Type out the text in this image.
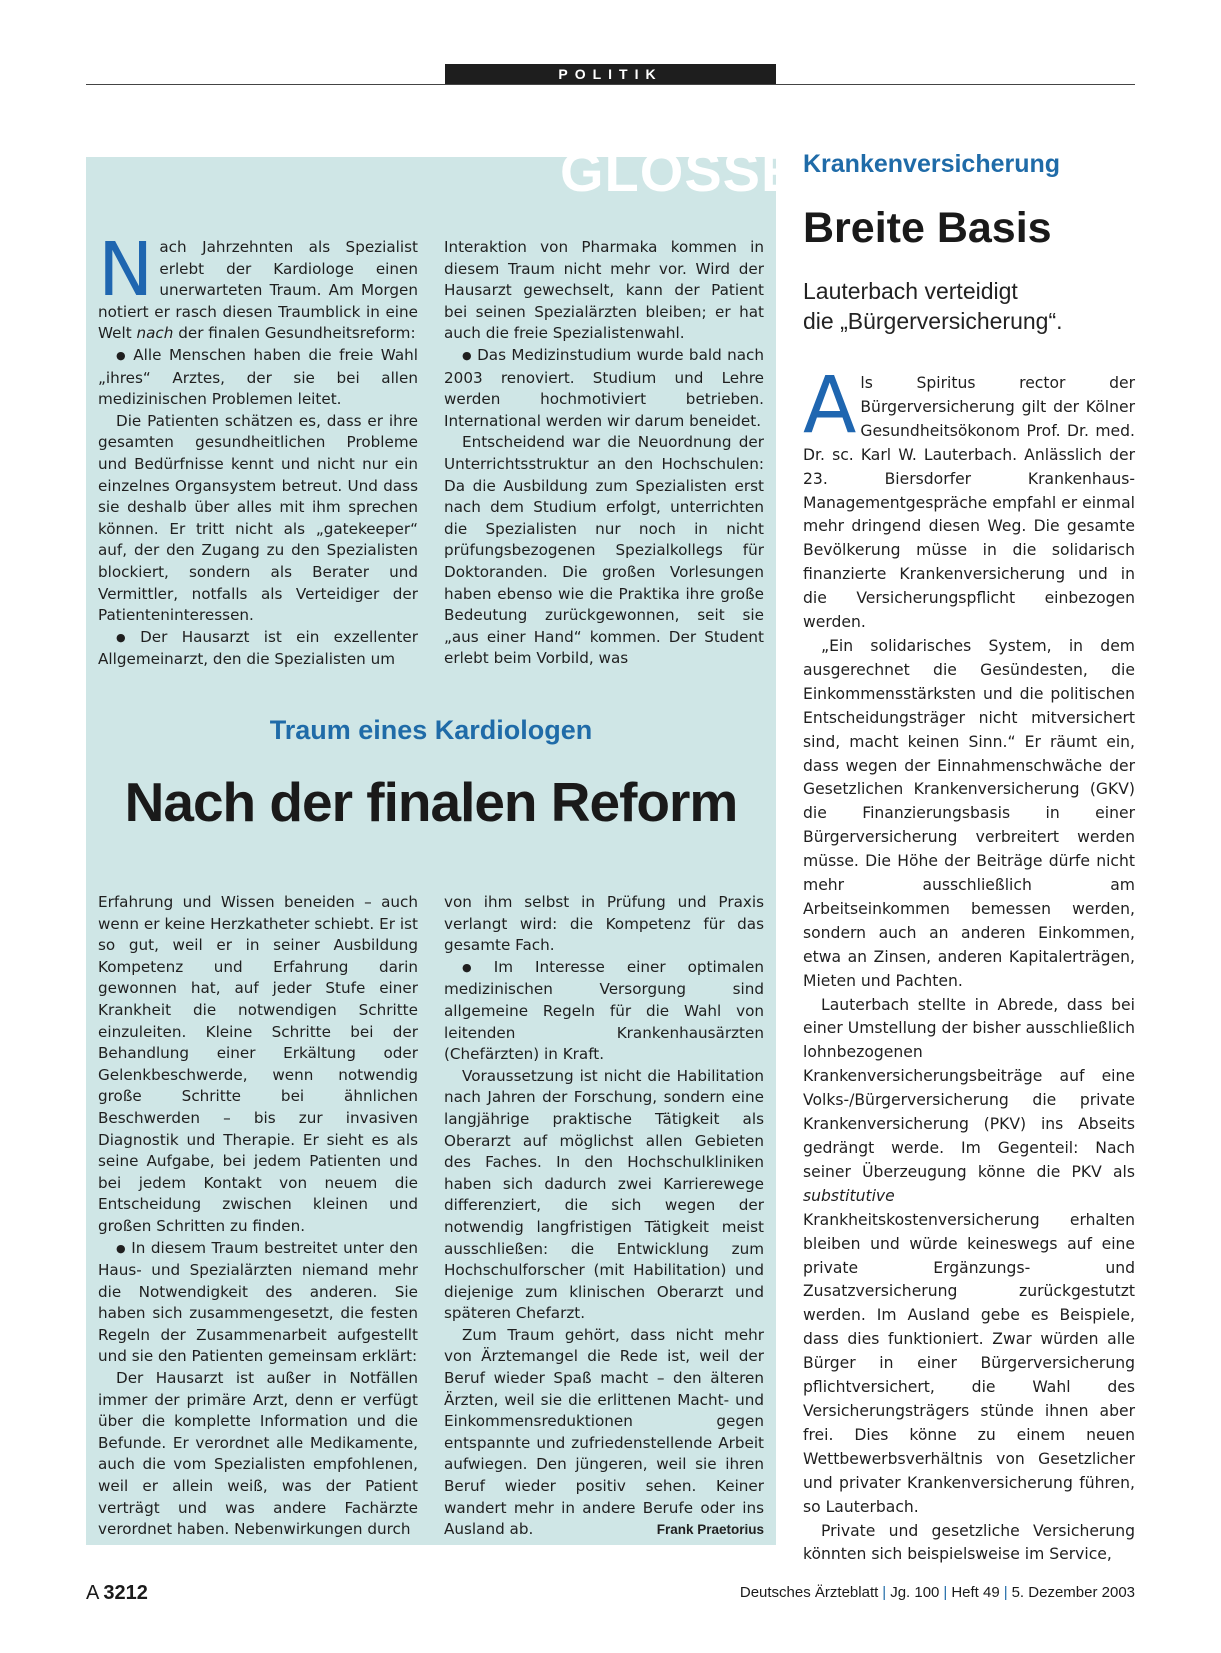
POLITIK
GLOSSE

Nach Jahrzehnten als Spezialist erlebt der Kardiologe einen unerwarteten Traum. Am Morgen notiert er rasch diesen Traumblick in eine Welt nach der finalen Gesundheitsreform:

● Alle Menschen haben die freie Wahl „ihres“ Arztes, der sie bei allen medizinischen Problemen leitet.

Die Patienten schätzen es, dass er ihre gesamten gesundheitlichen Probleme und Bedürfnisse kennt und nicht nur ein einzelnes Organsystem betreut. Und dass sie deshalb über alles mit ihm sprechen können. Er tritt nicht als „gatekeeper“ auf, der den Zugang zu den Spezialisten blockiert, sondern als Berater und Vermittler, notfalls als Verteidiger der Patienteninteressen.

● Der Hausarzt ist ein exzellenter Allgemeinarzt, den die Spezialisten um

Interaktion von Pharmaka kommen in diesem Traum nicht mehr vor. Wird der Hausarzt gewechselt, kann der Patient bei seinen Spezialärzten bleiben; er hat auch die freie Spezialistenwahl.

● Das Medizinstudium wurde bald nach 2003 renoviert. Studium und Lehre werden hochmotiviert betrieben. International werden wir darum beneidet.

Entscheidend war die Neuordnung der Unterrichtsstruktur an den Hochschulen: Da die Ausbildung zum Spezialisten erst nach dem Studium erfolgt, unterrichten die Spezialisten nur noch in nicht prüfungsbezogenen Spezialkollegs für Doktoranden. Die großen Vorlesungen haben ebenso wie die Praktika ihre große Bedeutung zurückgewonnen, seit sie „aus einer Hand“ kommen. Der Student erlebt beim Vorbild, was

Traum eines Kardiologen
Nach der finalen Reform

Erfahrung und Wissen beneiden – auch wenn er keine Herzkatheter schiebt. Er ist so gut, weil er in seiner Ausbildung Kompetenz und Erfahrung darin gewonnen hat, auf jeder Stufe einer Krankheit die notwendigen Schritte einzuleiten. Kleine Schritte bei der Behandlung einer Erkältung oder Gelenkbeschwerde, wenn notwendig große Schritte bei ähnlichen Beschwerden – bis zur invasiven Diagnostik und Therapie. Er sieht es als seine Aufgabe, bei jedem Patienten und bei jedem Kontakt von neuem die Entscheidung zwischen kleinen und großen Schritten zu finden.

● In diesem Traum bestreitet unter den Haus- und Spezialärzten niemand mehr die Notwendigkeit des anderen. Sie haben sich zusammengesetzt, die festen Regeln der Zusammenarbeit aufgestellt und sie den Patienten gemeinsam erklärt:

Der Hausarzt ist außer in Notfällen immer der primäre Arzt, denn er verfügt über die komplette Information und die Befunde. Er verordnet alle Medikamente, auch die vom Spezialisten empfohlenen, weil er allein weiß, was der Patient verträgt und was andere Fachärzte verordnet haben. Nebenwirkungen durch

von ihm selbst in Prüfung und Praxis verlangt wird: die Kompetenz für das gesamte Fach.

● Im Interesse einer optimalen medizinischen Versorgung sind allgemeine Regeln für die Wahl von leitenden Krankenhausärzten (Chefärzten) in Kraft.

Voraussetzung ist nicht die Habilitation nach Jahren der Forschung, sondern eine langjährige praktische Tätigkeit als Oberarzt auf möglichst allen Gebieten des Faches. In den Hochschulkliniken haben sich dadurch zwei Karrierewege differenziert, die sich wegen der notwendig langfristigen Tätigkeit meist ausschließen: die Entwicklung zum Hochschulforscher (mit Habilitation) und diejenige zum klinischen Oberarzt und späteren Chefarzt.

Zum Traum gehört, dass nicht mehr von Ärztemangel die Rede ist, weil der Beruf wieder Spaß macht – den älteren Ärzten, weil sie die erlittenen Macht- und Einkommensreduktionen gegen entspannte und zufriedenstellende Arbeit aufwiegen. Den jüngeren, weil sie ihren Beruf wieder positiv sehen. Keiner wandert mehr in andere Berufe oder ins Ausland ab.	Frank Praetorius

Krankenversicherung
Breite Basis
Lauterbach verteidigt
die „Bürgerversicherung“.

Als Spiritus rector der Bürgerversicherung gilt der Kölner Gesundheitsökonom Prof. Dr. med. Dr. sc. Karl W. Lauterbach. Anlässlich der 23. Biersdorfer Krankenhaus-Managementgespräche empfahl er einmal mehr dringend diesen Weg. Die gesamte Bevölkerung müsse in die solidarisch finanzierte Krankenversicherung und in die Versicherungspflicht einbezogen werden.

„Ein solidarisches System, in dem ausgerechnet die Gesündesten, die Einkommensstärksten und die politischen Entscheidungsträger nicht mitversichert sind, macht keinen Sinn.“ Er räumt ein, dass wegen der Einnahmenschwäche der Gesetzlichen Krankenversicherung (GKV) die Finanzierungsbasis in einer Bürgerversicherung verbreitert werden müsse. Die Höhe der Beiträge dürfe nicht mehr ausschließlich am Arbeitseinkommen bemessen werden, sondern auch an anderen Einkommen, etwa an Zinsen, anderen Kapitalerträgen, Mieten und Pachten.

Lauterbach stellte in Abrede, dass bei einer Umstellung der bisher ausschließlich lohnbezogenen Krankenversicherungsbeiträge auf eine Volks-/Bürgerversicherung die private Krankenversicherung (PKV) ins Abseits gedrängt werde. Im Gegenteil: Nach seiner Überzeugung könne die PKV als substitutive Krankheitskostenversicherung erhalten bleiben und würde keineswegs auf eine private Ergänzungs- und Zusatzversicherung zurückgestutzt werden. Im Ausland gebe es Beispiele, dass dies funktioniert. Zwar würden alle Bürger in einer Bürgerversicherung pflichtversichert, die Wahl des Versicherungsträgers stünde ihnen aber frei. Dies könne zu einem neuen Wettbewerbsverhältnis von Gesetzlicher und privater Krankenversicherung führen, so Lauterbach.

Private und gesetzliche Versicherung könnten sich beispielsweise im Service,

A  3212	Deutsches Ärzteblatt | Jg. 100 | Heft 49 | 5. Dezember 2003
